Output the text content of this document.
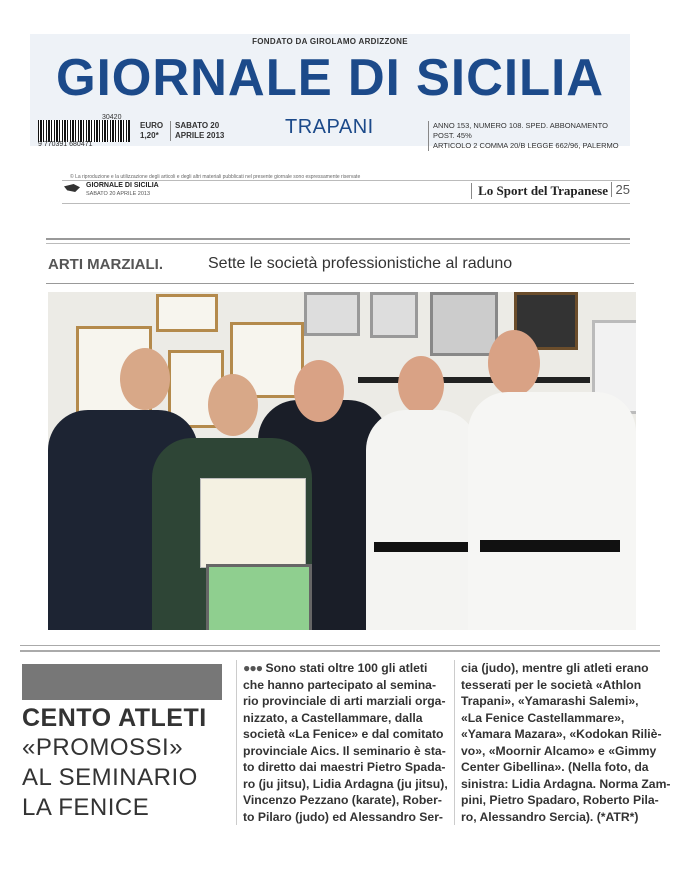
FONDATO DA GIROLAMO ARDIZZONE
GIORNALE DI SICILIA
30420
9 770391 680471
EURO
1,20*
SABATO 20
APRILE 2013	TRAPANI	ANNO 153, NUMERO 108. SPED. ABBONAMENTO POST. 45%
ARTICOLO 2 COMMA 20/B LEGGE 662/96, PALERMO
© La riproduzione e la utilizzazione degli articoli e degli altri materiali pubblicati nel presente giornale sono espressamente riservate
GIORNALE DI SICILIA
SABATO 20 APRILE 2013	Lo Sport del Trapanese 25
ARTI MARZIALI.	Sette le società professionistiche al raduno
CENTO ATLETI
«PROMOSSI»
AL SEMINARIO
LA FENICE

●●● Sono stati oltre 100 gli atleti

che hanno partecipato al semina-

rio provinciale di arti marziali orga-

nizzato, a Castellammare, dalla

società «La Fenice» e dal comitato

provinciale Aics. Il seminario è sta-

to diretto dai maestri Pietro Spada-

ro (ju jitsu), Lidia Ardagna (ju jitsu),

Vincenzo Pezzano (karate), Rober-

to Pilaro (judo) ed Alessandro Ser-

cia (judo), mentre gli atleti erano

tesserati per le società «Athlon

Trapani», «Yamarashi Salemi»,

«La Fenice Castellammare»,

«Yamara Mazara», «Kodokan Riliè-

vo», «Moornir Alcamo» e «Gimmy

Center Gibellina». (Nella foto, da

sinistra: Lidia Ardagna. Norma Zam-

pini, Pietro Spadaro, Roberto Pila-

ro, Alessandro Sercia). (*ATR*)
